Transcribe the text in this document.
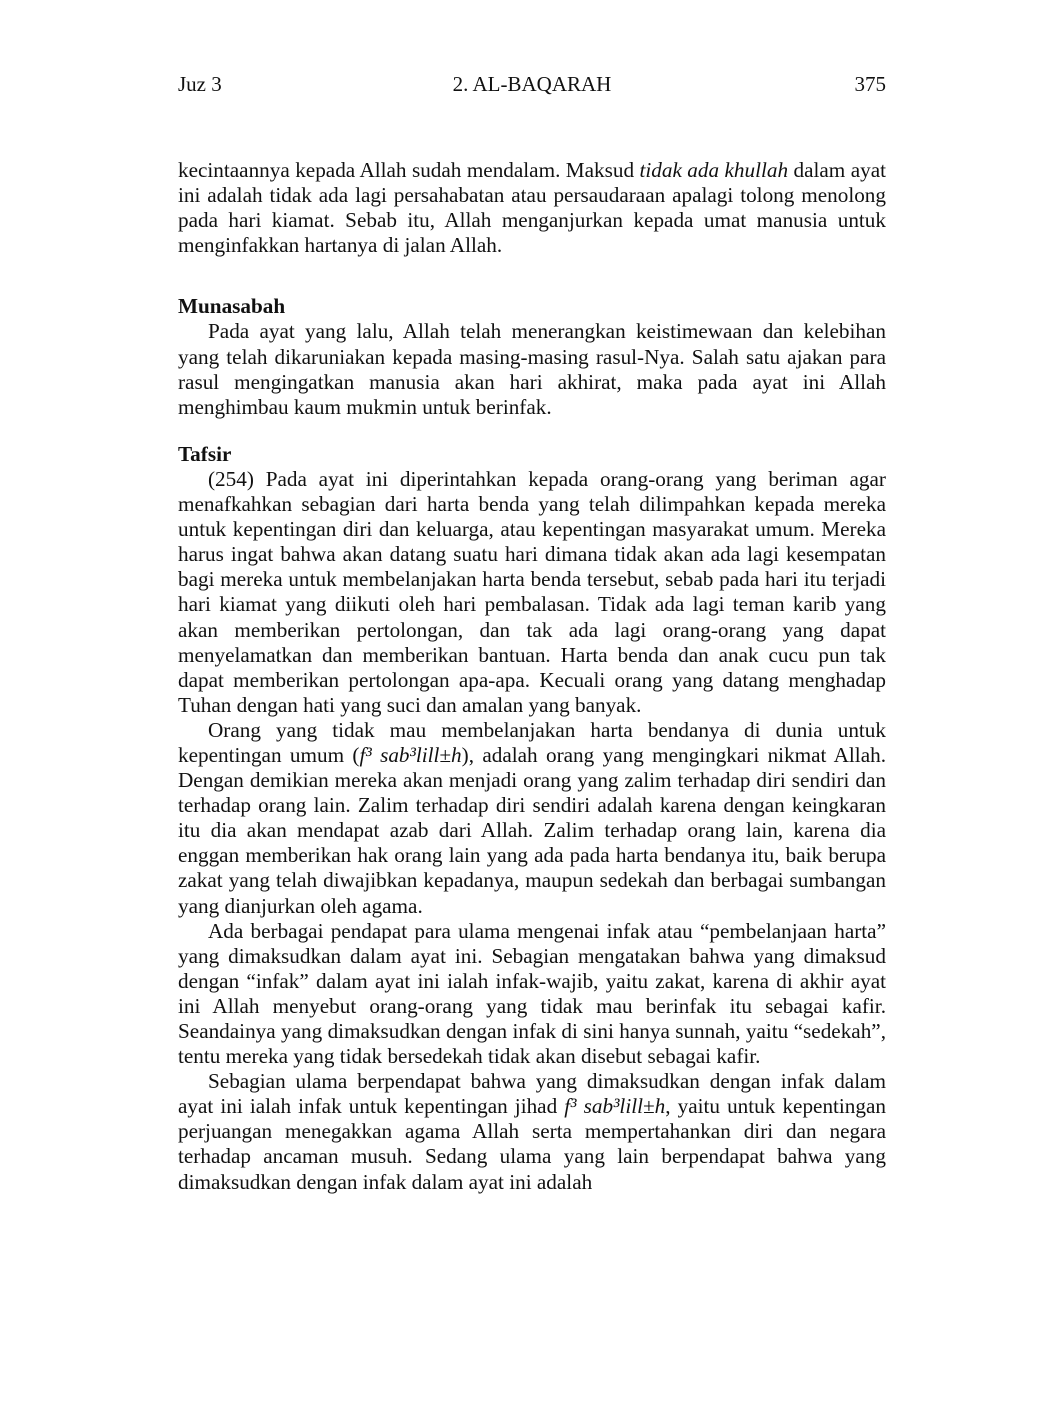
Juz 3	2. AL-BAQARAH	375

kecintaannya kepada Allah sudah mendalam. Maksud tidak ada khullah dalam ayat ini adalah tidak ada lagi persahabatan atau persaudaraan apalagi tolong menolong pada hari kiamat. Sebab itu, Allah menganjurkan kepada umat manusia untuk menginfakkan hartanya di jalan Allah.

Munasabah

Pada ayat yang lalu, Allah telah menerangkan keistimewaan dan kelebihan yang telah dikaruniakan kepada masing-masing rasul-Nya. Salah satu ajakan para rasul mengingatkan manusia akan hari akhirat, maka pada ayat ini Allah menghimbau kaum mukmin untuk berinfak.

Tafsir

(254) Pada ayat ini diperintahkan kepada orang-orang yang beriman agar menafkahkan sebagian dari harta benda yang telah dilimpahkan kepada mereka untuk kepentingan diri dan keluarga, atau kepentingan masyarakat umum. Mereka harus ingat bahwa akan datang suatu hari dimana tidak akan ada lagi kesempatan bagi mereka untuk membelanjakan harta benda tersebut, sebab pada hari itu terjadi hari kiamat yang diikuti oleh hari pembalasan. Tidak ada lagi teman karib yang akan memberikan pertolongan, dan tak ada lagi orang-orang yang dapat menyelamatkan dan memberikan bantuan. Harta benda dan anak cucu pun tak dapat memberikan pertolongan apa-apa. Kecuali orang yang datang menghadap Tuhan dengan hati yang suci dan amalan yang banyak.

Orang yang tidak mau membelanjakan harta bendanya di dunia untuk kepentingan umum (f³ sab³lill±h), adalah orang yang mengingkari nikmat Allah. Dengan demikian mereka akan menjadi orang yang zalim terhadap diri sendiri dan terhadap orang lain. Zalim terhadap diri sendiri adalah karena dengan keingkaran itu dia akan mendapat azab dari Allah. Zalim terhadap orang lain, karena dia enggan memberikan hak orang lain yang ada pada harta bendanya itu, baik berupa zakat yang telah diwajibkan kepadanya, maupun sedekah dan berbagai sumbangan yang dianjurkan oleh agama.

Ada berbagai pendapat para ulama mengenai infak atau “pembelanjaan harta” yang dimaksudkan dalam ayat ini. Sebagian mengatakan bahwa yang dimaksud dengan “infak” dalam ayat ini ialah infak-wajib, yaitu zakat, karena di akhir ayat ini Allah menyebut orang-orang yang tidak mau berinfak itu sebagai kafir. Seandainya yang dimaksudkan dengan infak di sini hanya sunnah, yaitu “sedekah”, tentu mereka yang tidak bersedekah tidak akan disebut sebagai kafir.

Sebagian ulama berpendapat bahwa yang dimaksudkan dengan infak dalam ayat ini ialah infak untuk kepentingan jihad f³ sab³lill±h, yaitu untuk kepentingan perjuangan menegakkan agama Allah serta mempertahankan diri dan negara terhadap ancaman musuh. Sedang ulama yang lain berpendapat bahwa yang dimaksudkan dengan infak dalam ayat ini adalah
